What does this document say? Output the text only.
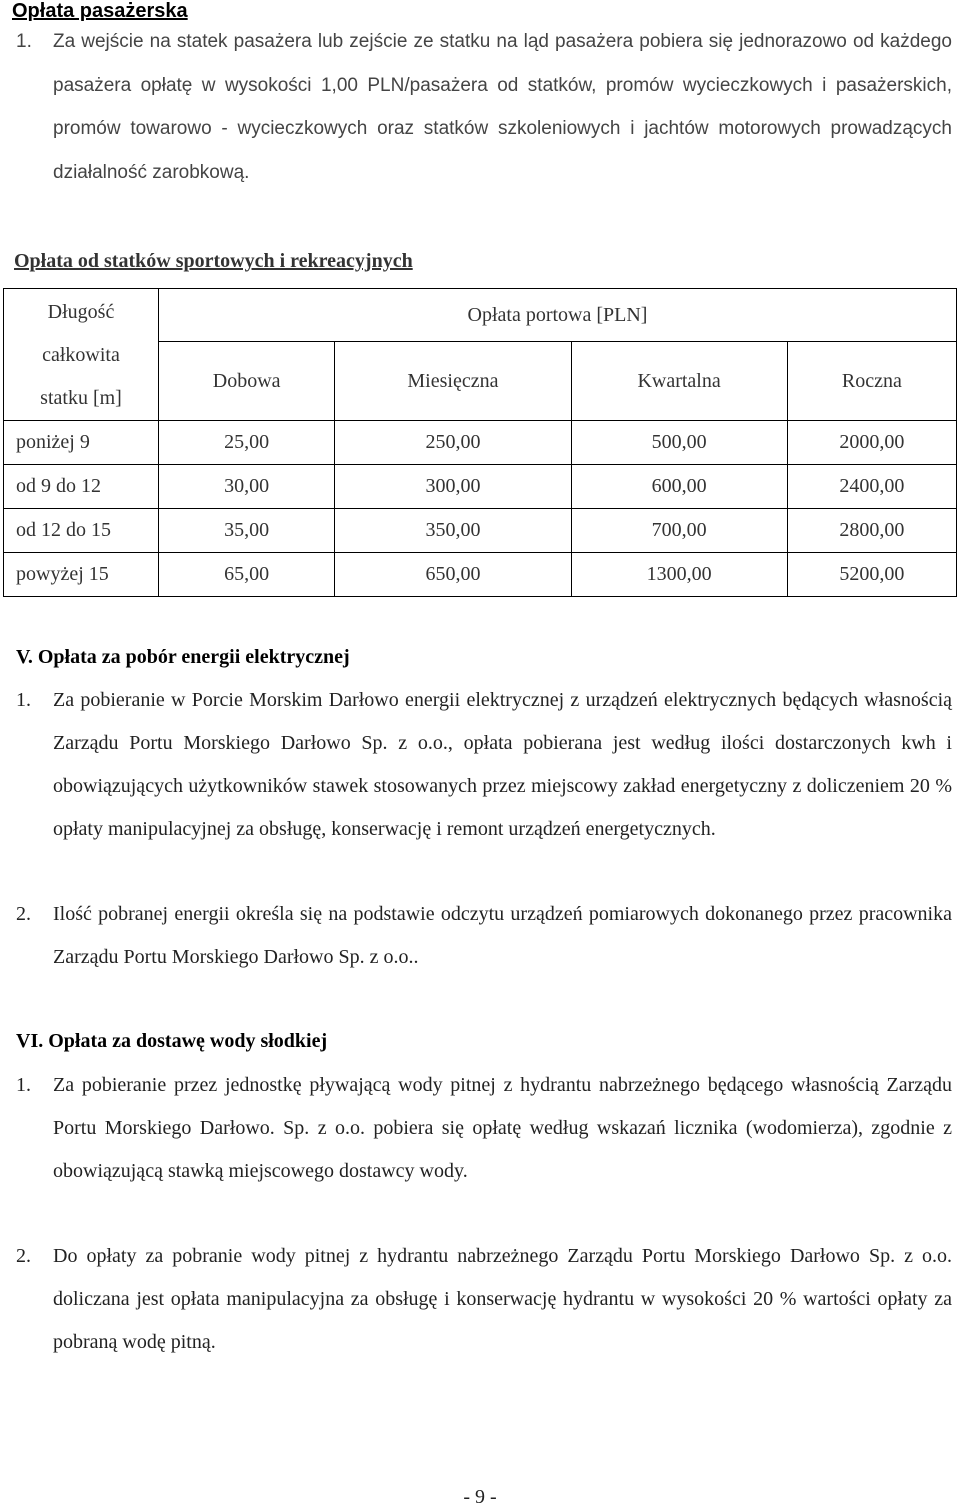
Opłata pasażerska
1. Za wejście na statek pasażera lub zejście ze statku na ląd pasażera pobiera się jednorazowo od każdego pasażera opłatę w wysokości 1,00 PLN/pasażera od statków, promów wycieczkowych i pasażerskich, promów towarowo - wycieczkowych oraz statków szkoleniowych i jachtów motorowych prowadzących działalność zarobkową.
Opłata od statków sportowych i rekreacyjnych
Długość
całkowita
statku [m]	Opłata portowa [PLN]			
	Dobowa	Miesięczna	Kwartalna	Roczna
poniżej 9	25,00	250,00	500,00	2000,00
od 9 do 12	30,00	300,00	600,00	2400,00
od 12 do 15	35,00	350,00	700,00	2800,00
powyżej 15	65,00	650,00	1300,00	5200,00
V. Opłata za pobór energii elektrycznej
1. Za pobieranie w Porcie Morskim Darłowo energii elektrycznej z urządzeń elektrycznych będących własnością Zarządu Portu Morskiego Darłowo Sp. z o.o., opłata pobierana jest według ilości dostarczonych kwh i obowiązujących użytkowników stawek stosowanych przez miejscowy zakład energetyczny z doliczeniem 20 % opłaty manipulacyjnej za obsługę, konserwację i remont urządzeń energetycznych.
2. Ilość pobranej energii określa się na podstawie odczytu urządzeń pomiarowych dokonanego przez pracownika Zarządu Portu Morskiego Darłowo Sp. z o.o..
VI. Opłata za dostawę wody słodkiej
1. Za pobieranie przez jednostkę pływającą wody pitnej z hydrantu nabrzeżnego będącego własnością Zarządu Portu Morskiego Darłowo. Sp. z o.o. pobiera się opłatę według wskazań licznika (wodomierza), zgodnie z obowiązującą stawką miejscowego dostawcy wody.
2. Do opłaty za pobranie wody pitnej z hydrantu nabrzeżnego Zarządu Portu Morskiego Darłowo Sp. z o.o. doliczana jest opłata manipulacyjna za obsługę i konserwację hydrantu w wysokości 20 % wartości opłaty za pobraną wodę pitną.
- 9 -
